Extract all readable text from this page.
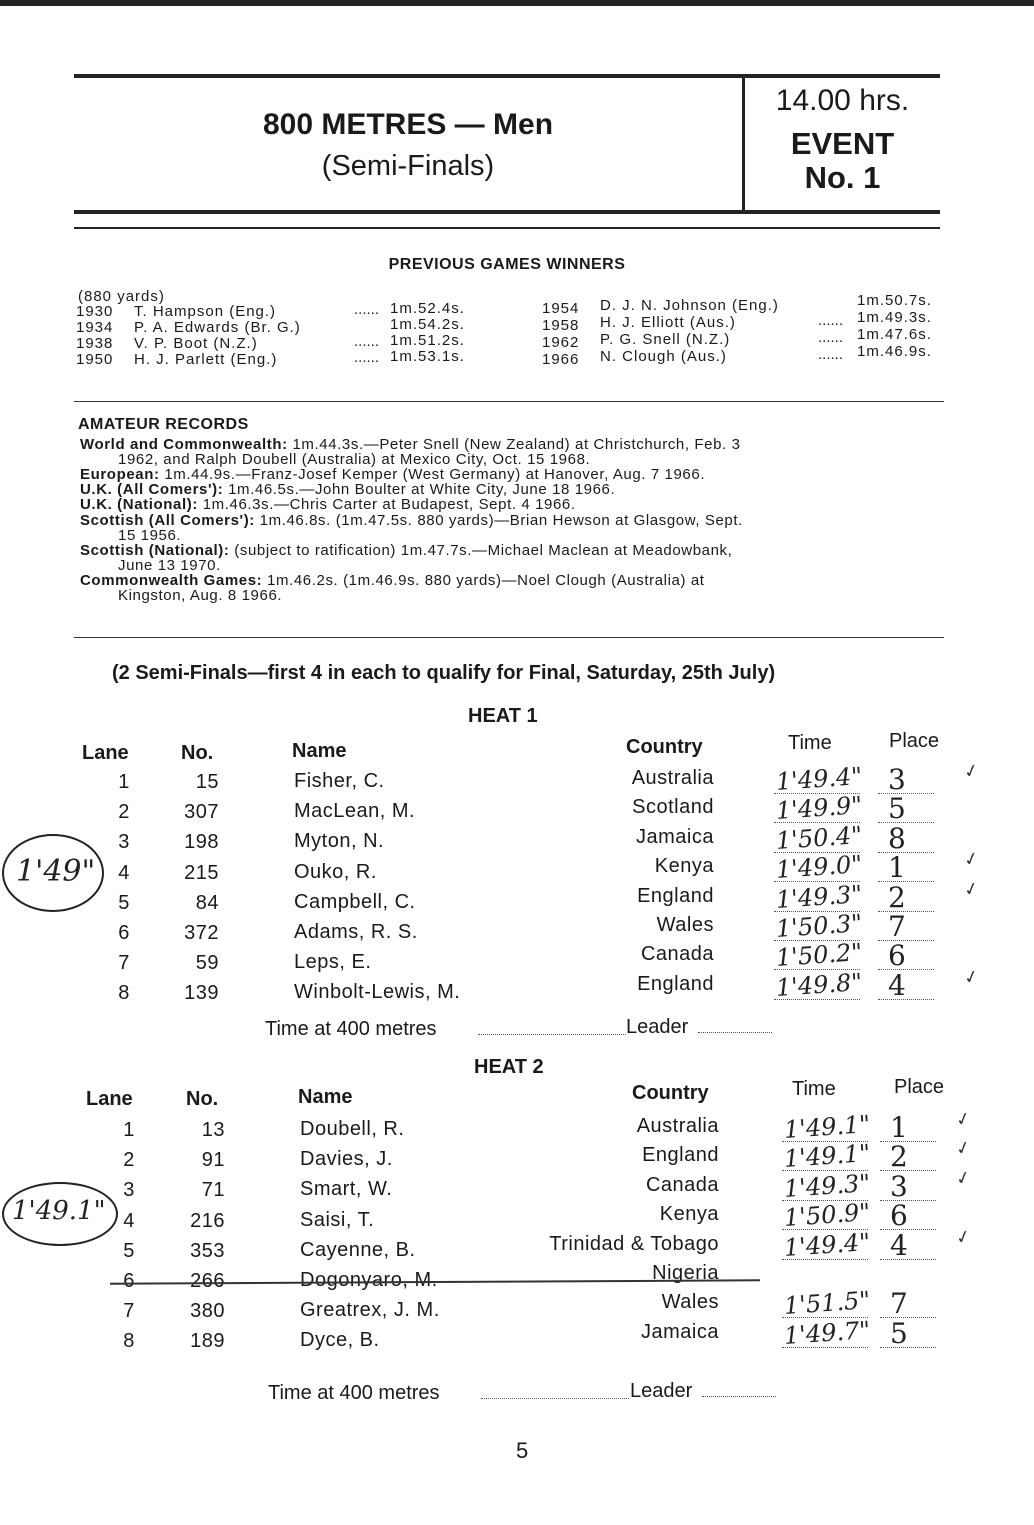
800 METRES — Men
(Semi-Finals)
14.00 hrs.
EVENT
No. 1
PREVIOUS GAMES WINNERS
(880 yards)
1930 T. Hampson (Eng.)	...... 1m.52.4s.
1934 P. A. Edwards (Br. G.)	1m.54.2s.
1938 V. P. Boot (N.Z.)	...... 1m.51.2s.
1950 H. J. Parlett (Eng.)	...... 1m.53.1s.
1954 D. J. N. Johnson (Eng.)	1m.50.7s.
1958 H. J. Elliott (Aus.)	...... 1m.49.3s.
1962 P. G. Snell (N.Z.)	...... 1m.47.6s.
1966 N. Clough (Aus.)	...... 1m.46.9s.
AMATEUR RECORDS
World and Commonwealth: 1m.44.3s.—Peter Snell (New Zealand) at Christchurch, Feb. 3
1962, and Ralph Doubell (Australia) at Mexico City, Oct. 15 1968.
European: 1m.44.9s.—Franz-Josef Kemper (West Germany) at Hanover, Aug. 7 1966.
U.K. (All Comers'): 1m.46.5s.—John Boulter at White City, June 18 1966.
U.K. (National): 1m.46.3s.—Chris Carter at Budapest, Sept. 4 1966.
Scottish (All Comers'): 1m.46.8s. (1m.47.5s. 880 yards)—Brian Hewson at Glasgow, Sept.
15 1956.
Scottish (National): (subject to ratification) 1m.47.7s.—Michael Maclean at Meadowbank,
June 13 1970.
Commonwealth Games: 1m.46.2s. (1m.46.9s. 880 yards)—Noel Clough (Australia) at
Kingston, Aug. 8 1966.
(2 Semi-Finals—first 4 in each to qualify for Final, Saturday, 25th July)
HEAT 1
Lane	No.	Name	Country	Time	Place
1	15	Fisher, C.	Australia	1'49.4" 3	✓
2	307	MacLean, M.	Scotland	1'49.9" 5
3	198	Myton, N.	Jamaica	1'50.4" 8
4	215	Ouko, R.	Kenya	1'49.0" 1	✓
5	84	Campbell, C.	England	1'49.3" 2	✓
6	372	Adams, R. S.	Wales	1'50.3" 7
7	59	Leps, E.	Canada	1'50.2" 6
8	139	Winbolt-Lewis, M.	England	1'49.8" 4	✓
1'49"
Time at 400 metres	Leader
HEAT 2
Lane	No.	Name	Country	Time	Place
1	13	Doubell, R.	Australia	1'49.1" 1	✓
2	91	Davies, J.	England	1'49.1" 2	✓
3	71	Smart, W.	Canada	1'49.3" 3	✓
4	216	Saisi, T.	Kenya	1'50.9" 6
5	353	Cayenne, B.	Trinidad & Tobago	1'49.4" 4	✓
6	266	Dogonyaro, M.	Nigeria
7	380	Greatrex, J. M.	Wales	1'51.5" 7
8	189	Dyce, B.	Jamaica	1'49.7" 5
1'49.1"
Time at 400 metres	Leader
5
